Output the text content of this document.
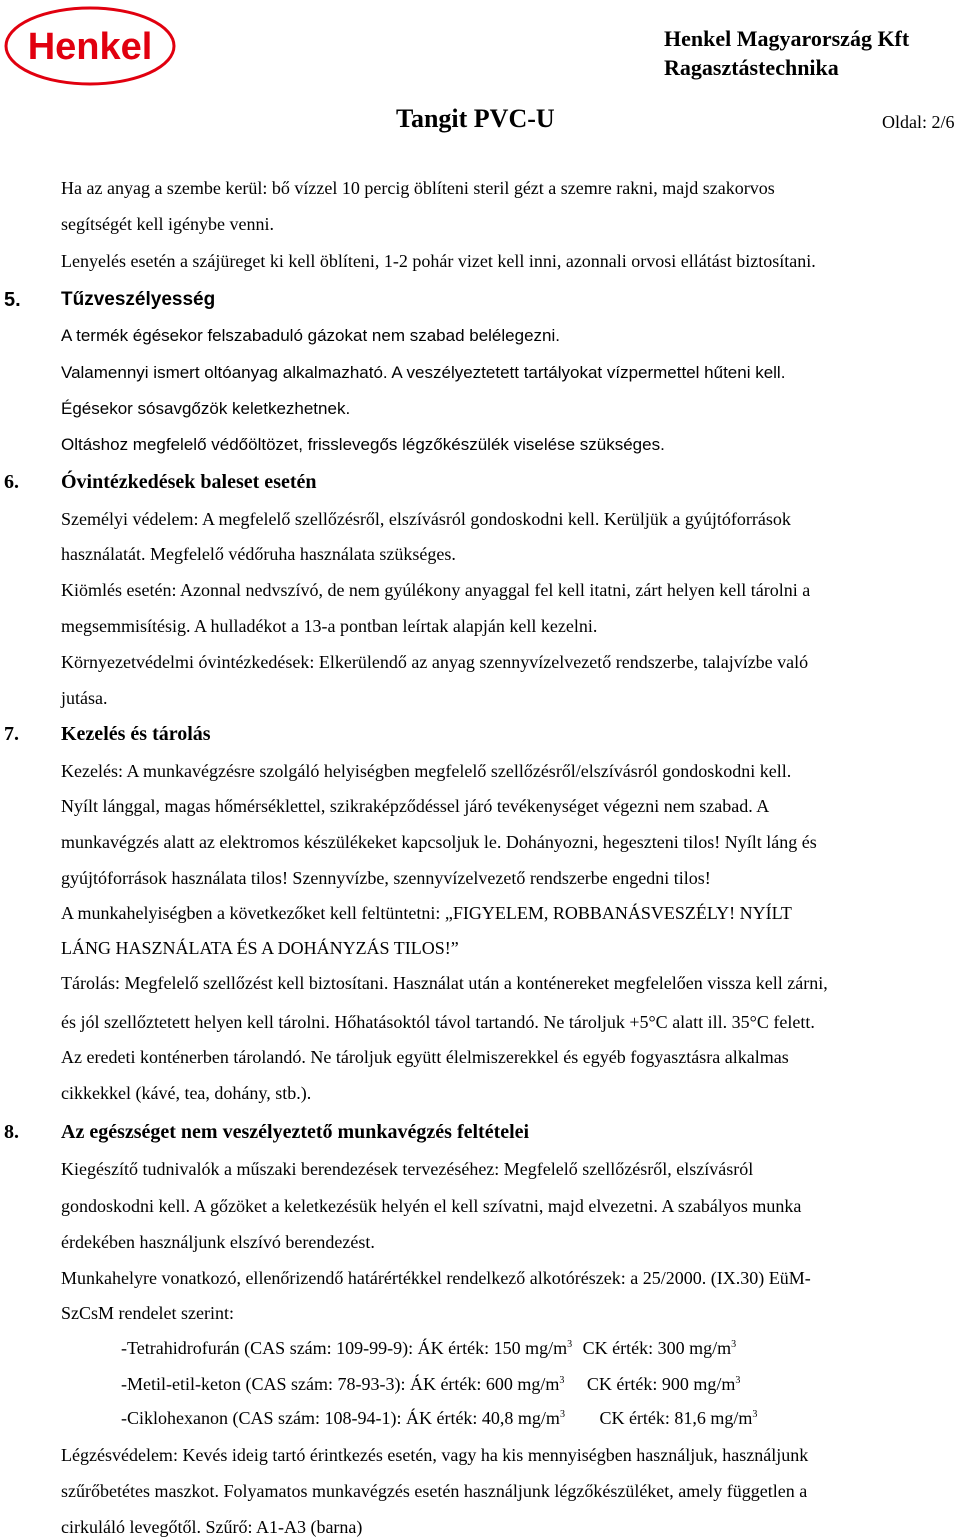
Henkel	Henkel Magyarország Kft
Ragasztástechnika
Tangit PVC-U	Oldal: 2/6
Ha az anyag a szembe kerül: bő vízzel 10 percig öblíteni steril gézt a szemre rakni, majd szakorvos
segítségét kell igénybe venni.
Lenyelés esetén a szájüreget ki kell öblíteni, 1-2 pohár vizet kell inni, azonnali orvosi ellátást biztosítani.
5. Tűzveszélyesség
A termék égésekor felszabaduló gázokat nem szabad belélegezni.
Valamennyi ismert oltóanyag alkalmazható. A veszélyeztetett tartályokat vízpermettel hűteni kell.
Égésekor sósavgőzök keletkezhetnek.
Oltáshoz megfelelő védőöltözet, frisslevegős légzőkészülék viselése szükséges.
6. Óvintézkedések baleset esetén
Személyi védelem: A megfelelő szellőzésről, elszívásról gondoskodni kell. Kerüljük a gyújtóforrások
használatát. Megfelelő védőruha használata szükséges.
Kiömlés esetén: Azonnal nedvszívó, de nem gyúlékony anyaggal fel kell itatni, zárt helyen kell tárolni a
megsemmisítésig. A hulladékot a 13-a pontban leírtak alapján kell kezelni.
Környezetvédelmi óvintézkedések: Elkerülendő az anyag szennyvízelvezető rendszerbe, talajvízbe való
jutása.
7. Kezelés és tárolás
Kezelés: A munkavégzésre szolgáló helyiségben megfelelő szellőzésről/elszívásról gondoskodni kell.
Nyílt lánggal, magas hőmérséklettel, szikraképződéssel járó tevékenységet végezni nem szabad. A
munkavégzés alatt az elektromos készülékeket kapcsoljuk le. Dohányozni, hegeszteni tilos! Nyílt láng és
gyújtóforrások használata tilos! Szennyvízbe, szennyvízelvezető rendszerbe engedni tilos!
A munkahelyiségben a következőket kell feltüntetni: „FIGYELEM, ROBBANÁSVESZÉLY! NYÍLT
LÁNG HASZNÁLATA ÉS A DOHÁNYZÁS TILOS!”
Tárolás: Megfelelő szellőzést kell biztosítani. Használat után a konténereket megfelelően vissza kell zárni,
és jól szellőztetett helyen kell tárolni. Hőhatásoktól távol tartandó. Ne tároljuk +5°C alatt ill. 35°C felett.
Az eredeti konténerben tárolandó. Ne tároljuk együtt élelmiszerekkel és egyéb fogyasztásra alkalmas
cikkekkel (kávé, tea, dohány, stb.).
8. Az egészséget nem veszélyeztető munkavégzés feltételei
Kiegészítő tudnivalók a műszaki berendezések tervezéséhez: Megfelelő szellőzésről, elszívásról
gondoskodni kell. A gőzöket a keletkezésük helyén el kell szívatni, majd elvezetni. A szabályos munka
érdekében használjunk elszívó berendezést.
Munkahelyre vonatkozó, ellenőrizendő határértékkel rendelkező alkotórészek: a 25/2000. (IX.30) EüM-
SzCsM rendelet szerint:
-Tetrahidrofurán (CAS szám: 109-99-9): ÁK érték: 150 $mg/m^3$ CK érték: 300 $mg/m^3$
-Metil-etil-keton (CAS szám: 78-93-3): ÁK érték: 600 $mg/m^3$ CK érték: 900 $mg/m^3$
-Ciklohexanon (CAS szám: 108-94-1): ÁK érték: 40,8 $mg/m^3$ CK érték: 81,6 $mg/m^3$
Légzésvédelem: Kevés ideig tartó érintkezés esetén, vagy ha kis mennyiségben használjuk, használjunk
szűrőbetétes maszkot. Folyamatos munkavégzés esetén használjunk légzőkészüléket, amely független a
cirkuláló levegőtől. Szűrő: A1-A3 (barna)
